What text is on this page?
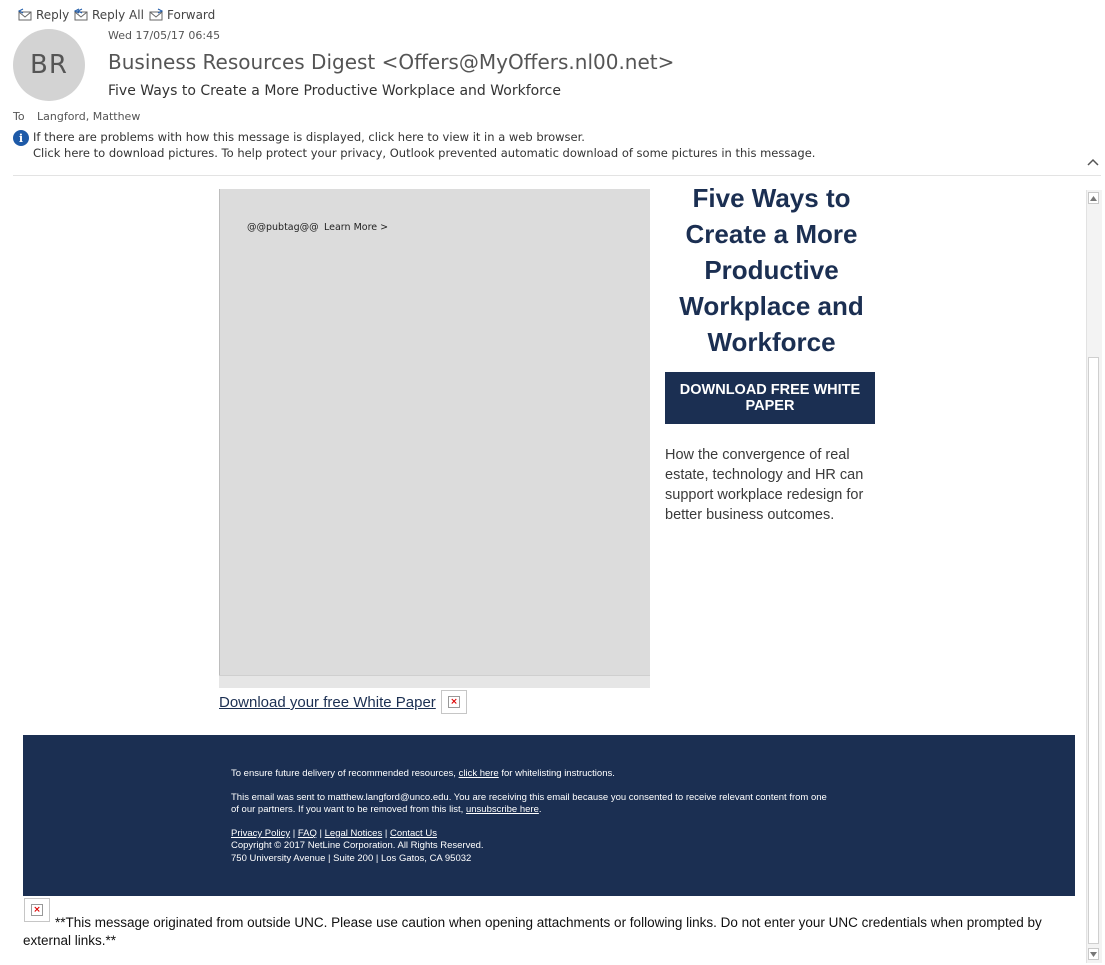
Reply Reply All Forward
BR
Wed 17/05/17 06:45
Business Resources Digest <Offers@MyOffers.nl00.net>
Five Ways to Create a More Productive Workplace and Workforce
To Langford, Matthew
i If there are problems with how this message is displayed, click here to view it in a web browser.
Click here to download pictures. To help protect your privacy, Outlook prevented automatic download of some pictures in this message.
@@pubtag@@ Learn More >
Five Ways to
Create a More
Productive
Workplace and
Workforce
DOWNLOAD FREE WHITE PAPER
How the convergence of real estate, technology and HR can support workplace redesign for better business outcomes.
Download your free White Paper ×
To ensure future delivery of recommended resources, click here for whitelisting instructions.
This email was sent to matthew.langford@unco.edu. You are receiving this email because you consented to receive relevant content from one
of our partners. If you want to be removed from this list, unsubscribe here.
Privacy Policy | FAQ | Legal Notices | Contact Us
Copyright © 2017 NetLine Corporation. All Rights Reserved.
750 University Avenue | Suite 200 | Los Gatos, CA 95032
×
**This message originated from outside UNC. Please use caution when opening attachments or following links. Do not enter your UNC credentials when prompted by external links.**
